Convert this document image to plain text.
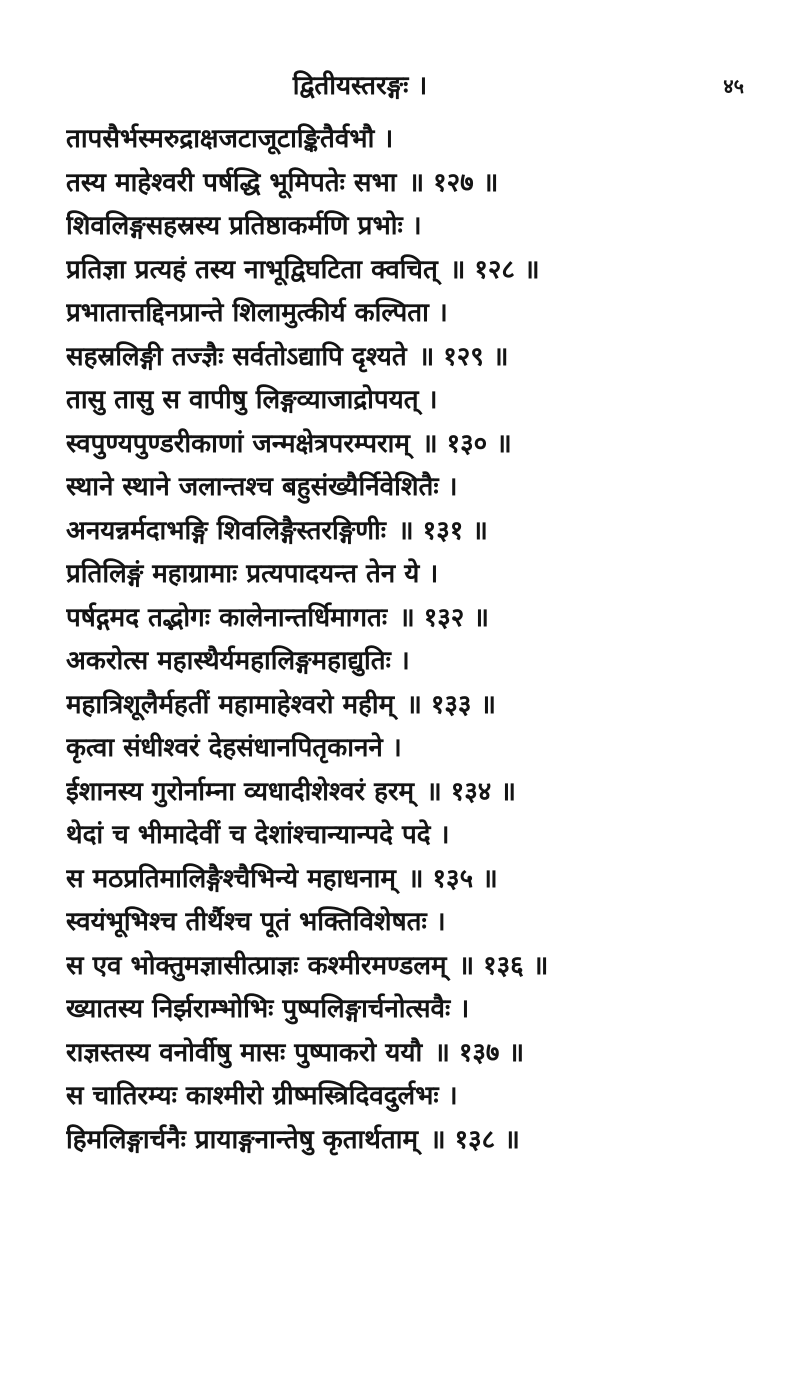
द्वितीयस्तरङ्गः ।	४५
तापसैर्भस्मरुद्राक्षजटाजूटाङ्कितैर्वभौ ।
तस्य माहेश्वरी पर्षद्धि भूमिपतेः सभा ॥ १२७ ॥
शिवलिङ्गसहस्रस्य प्रतिष्ठाकर्मणि प्रभोः ।
प्रतिज्ञा प्रत्यहं तस्य नाभूद्विघटिता क्वचित् ॥ १२८ ॥
प्रभातात्तद्दिनप्रान्ते शिलामुत्कीर्य कल्पिता ।
सहस्रलिङ्गी तज्ज्ञैः सर्वतोऽद्यापि दृश्यते ॥ १२९ ॥
तासु तासु स वापीषु लिङ्गव्याजाद्रोपयत् ।
स्वपुण्यपुण्डरीकाणां जन्मक्षेत्रपरम्पराम् ॥ १३० ॥
स्थाने स्थाने जलान्तश्च बहुसंख्यैर्निवेशितैः ।
अनयन्नर्मदाभङ्गि शिवलिङ्गैस्तरङ्गिणीः ॥ १३१ ॥
प्रतिलिङ्गं महाग्रामाः प्रत्यपादयन्त तेन ये ।
पर्षद्गमद तद्भोगः कालेनान्तर्धिमागतः ॥ १३२ ॥
अकरोत्स महास्थैर्यमहालिङ्गमहाद्युतिः ।
महात्रिशूलैर्महतीं महामाहेश्वरो महीम् ॥ १३३ ॥
कृत्वा संधीश्वरं देहसंधानपितृकानने ।
ईशानस्य गुरोर्नाम्ना व्यधादीशेश्वरं हरम् ॥ १३४ ॥
थेदां च भीमादेवीं च देशांश्चान्यान्पदे पदे ।
स मठप्रतिमालिङ्गैश्चैभिन्ये महाधनाम् ॥ १३५ ॥
स्वयंभूभिश्च तीर्थैश्च पूतं भक्तिविशेषतः ।
स एव भोक्तुमज्ञासीत्प्राज्ञः कश्मीरमण्डलम् ॥ १३६ ॥
ख्यातस्य निर्झराम्भोभिः पुष्पलिङ्गार्चनोत्सवैः ।
राज्ञस्तस्य वनोर्वीषु मासः पुष्पाकरो ययौ ॥ १३७ ॥
स चातिरम्यः काश्मीरो ग्रीष्मस्त्रिदिवदुर्लभः ।
हिमलिङ्गार्चनैः प्रायाङ्गनान्तेषु कृतार्थताम् ॥ १३८ ॥
